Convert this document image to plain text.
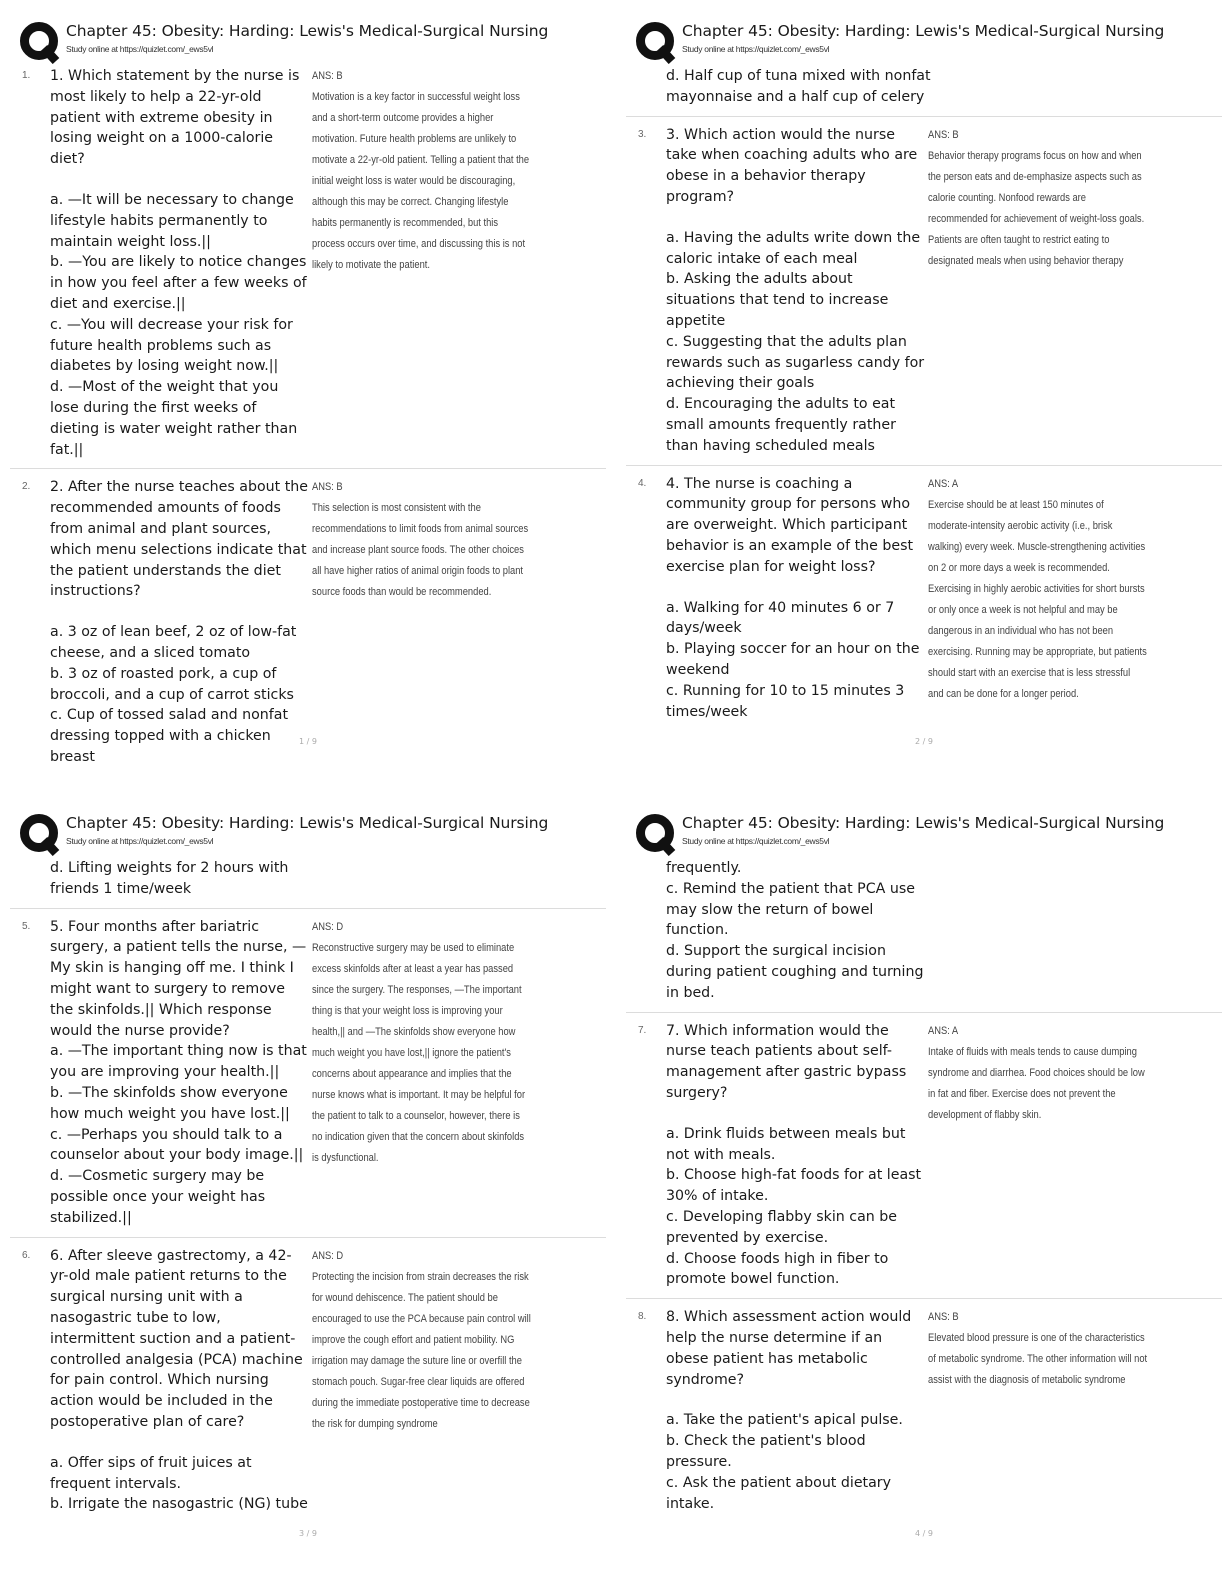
Chapter 45: Obesity: Harding: Lewis's Medical-Surgical Nursing
Study online at https://quizlet.com/_ews5vl
1.	1. Which statement by the nurse is most likely to help a 22-yr-old patient with extreme obesity in losing weight on a 1000-calorie diet?
a. —It will be necessary to change lifestyle habits permanently to maintain weight loss.||
b. —You are likely to notice changes in how you feel after a few weeks of diet and exercise.||
c. —You will decrease your risk for future health problems such as diabetes by losing weight now.||
d. —Most of the weight that you lose during the first weeks of dieting is water weight rather than fat.||
ANS: B
Motivation is a key factor in successful weight loss and a short-term outcome provides a higher motivation. Future health problems are unlikely to motivate a 22-yr-old patient. Telling a patient that the initial weight loss is water would be discouraging, although this may be correct. Changing lifestyle habits permanently is recommended, but this process occurs over time, and discussing this is not likely to motivate the patient.
2.	2. After the nurse teaches about the recommended amounts of foods from animal and plant sources, which menu selections indicate that the patient understands the diet instructions?
a. 3 oz of lean beef, 2 oz of low-fat cheese, and a sliced tomato
b. 3 oz of roasted pork, a cup of broccoli, and a cup of carrot sticks
c. Cup of tossed salad and nonfat dressing topped with a chicken breast
ANS: B
This selection is most consistent with the recommendations to limit foods from animal sources and increase plant source foods. The other choices all have higher ratios of animal origin foods to plant source foods than would be recommended.
1 / 9
Chapter 45: Obesity: Harding: Lewis's Medical-Surgical Nursing
Study online at https://quizlet.com/_ews5vl
d. Half cup of tuna mixed with nonfat mayonnaise and a half cup of celery
3.	3. Which action would the nurse take when coaching adults who are obese in a behavior therapy program?
a. Having the adults write down the caloric intake of each meal
b. Asking the adults about situations that tend to increase appetite
c. Suggesting that the adults plan rewards such as sugarless candy for achieving their goals
d. Encouraging the adults to eat small amounts frequently rather than having scheduled meals
ANS: B
Behavior therapy programs focus on how and when the person eats and de-emphasize aspects such as calorie counting. Nonfood rewards are recommended for achievement of weight-loss goals. Patients are often taught to restrict eating to designated meals when using behavior therapy
4.	4. The nurse is coaching a community group for persons who are overweight. Which participant behavior is an example of the best exercise plan for weight loss?
a. Walking for 40 minutes 6 or 7 days/week
b. Playing soccer for an hour on the weekend
c. Running for 10 to 15 minutes 3 times/week
ANS: A
Exercise should be at least 150 minutes of moderate-intensity aerobic activity (i.e., brisk walking) every week. Muscle-strengthening activities on 2 or more days a week is recommended. Exercising in highly aerobic activities for short bursts or only once a week is not helpful and may be dangerous in an individual who has not been exercising. Running may be appropriate, but patients should start with an exercise that is less stressful and can be done for a longer period.
2 / 9
Chapter 45: Obesity: Harding: Lewis's Medical-Surgical Nursing
Study online at https://quizlet.com/_ews5vl
d. Lifting weights for 2 hours with friends 1 time/week
5.	5. Four months after bariatric surgery, a patient tells the nurse, —My skin is hanging off me. I think I might want to surgery to remove the skinfolds.|| Which response would the nurse provide?
a. —The important thing now is that you are improving your health.||
b. —The skinfolds show everyone how much weight you have lost.||
c. —Perhaps you should talk to a counselor about your body image.||
d. —Cosmetic surgery may be possible once your weight has stabilized.||
ANS: D
Reconstructive surgery may be used to eliminate excess skinfolds after at least a year has passed since the surgery. The responses, —The important thing is that your weight loss is improving your health,|| and —The skinfolds show everyone how much weight you have lost,|| ignore the patient's concerns about appearance and implies that the nurse knows what is important. It may be helpful for the patient to talk to a counselor, however, there is no indication given that the concern about skinfolds is dysfunctional.
6.	6. After sleeve gastrectomy, a 42-yr-old male patient returns to the surgical nursing unit with a nasogastric tube to low, intermittent suction and a patient-controlled analgesia (PCA) machine for pain control. Which nursing action would be included in the postoperative plan of care?
a. Offer sips of fruit juices at frequent intervals.
b. Irrigate the nasogastric (NG) tube
ANS: D
Protecting the incision from strain decreases the risk for wound dehiscence. The patient should be encouraged to use the PCA because pain control will improve the cough effort and patient mobility. NG irrigation may damage the suture line or overfill the stomach pouch. Sugar-free clear liquids are offered during the immediate postoperative time to decrease the risk for dumping syndrome
3 / 9
Chapter 45: Obesity: Harding: Lewis's Medical-Surgical Nursing
Study online at https://quizlet.com/_ews5vl
frequently.
c. Remind the patient that PCA use may slow the return of bowel function.
d. Support the surgical incision during patient coughing and turning in bed.
7.	7. Which information would the nurse teach patients about self-management after gastric bypass surgery?
a. Drink fluids between meals but not with meals.
b. Choose high-fat foods for at least 30% of intake.
c. Developing flabby skin can be prevented by exercise.
d. Choose foods high in fiber to promote bowel function.
ANS: A
Intake of fluids with meals tends to cause dumping syndrome and diarrhea. Food choices should be low in fat and fiber. Exercise does not prevent the development of flabby skin.
8.	8. Which assessment action would help the nurse determine if an obese patient has metabolic syndrome?
a. Take the patient's apical pulse.
b. Check the patient's blood pressure.
c. Ask the patient about dietary intake.
ANS: B
Elevated blood pressure is one of the characteristics of metabolic syndrome. The other information will not assist with the diagnosis of metabolic syndrome
4 / 9
